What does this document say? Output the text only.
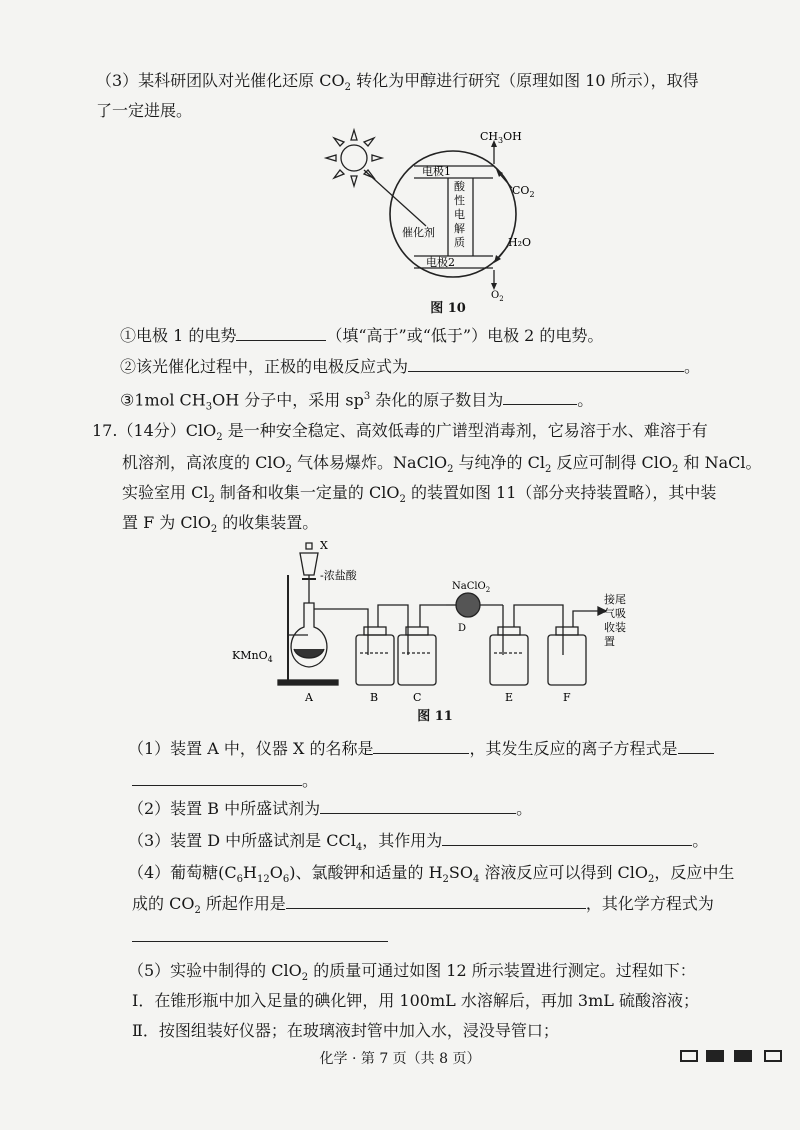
（3）某科研团队对光催化还原 $CO_2$ 转化为甲醇进行研究（原理如图 10 所示），取得
了一定进展。
电极1
电极2
催化剂
酸
性
电
解
质
$CH_3OH$
$CO_2$
H₂O
$O_2$
图 10
①电极 1 的电势	（填“高于”或“低于”）电极 2 的电势。
②该光催化过程中，正极的电极反应式为	。
③1mol $CH_3OH$ 分子中，采用 $sp^3$ 杂化的原子数目为	。
17.（14分）ClO$_2$ 是一种安全稳定、高效低毒的广谱型消毒剂，它易溶于水、难溶于有
机溶剂，高浓度的 ClO$_2$ 气体易爆炸。NaClO$_2$ 与纯净的 $Cl_2$ 反应可制得 ClO$_2$ 和 NaCl。
实验室用 $Cl_2$ 制备和收集一定量的 ClO$_2$ 的装置如图 11（部分夹持装置略），其中装
置 F 为 ClO$_2$ 的收集装置。
X
-浓盐酸
NaClO$_2$
D
KMnO$_4$
接尾
气吸
收装
置
A	B	C	E	F
图 11
（1）装置 A 中，仪器 X 的名称是	，其发生反应的离子方程式是
。
（2）装置 B 中所盛试剂为	。
（3）装置 D 中所盛试剂是 CCl$_4$，其作用为	。
（4）葡萄糖$(C_6H_{12}O_6)$、氯酸钾和适量的 $H_2SO_4$ 溶液反应可以得到 ClO$_2$，反应中生
成的 $CO_2$ 所起作用是	，其化学方程式为
（5）实验中制得的 ClO$_2$ 的质量可通过如图 12 所示装置进行测定。过程如下：
Ⅰ．在锥形瓶中加入足量的碘化钾，用 100mL 水溶解后，再加 3mL 硫酸溶液；
Ⅱ．按图组装好仪器；在玻璃液封管中加入水，浸没导管口；
化学 · 第 7 页（共 8 页）
